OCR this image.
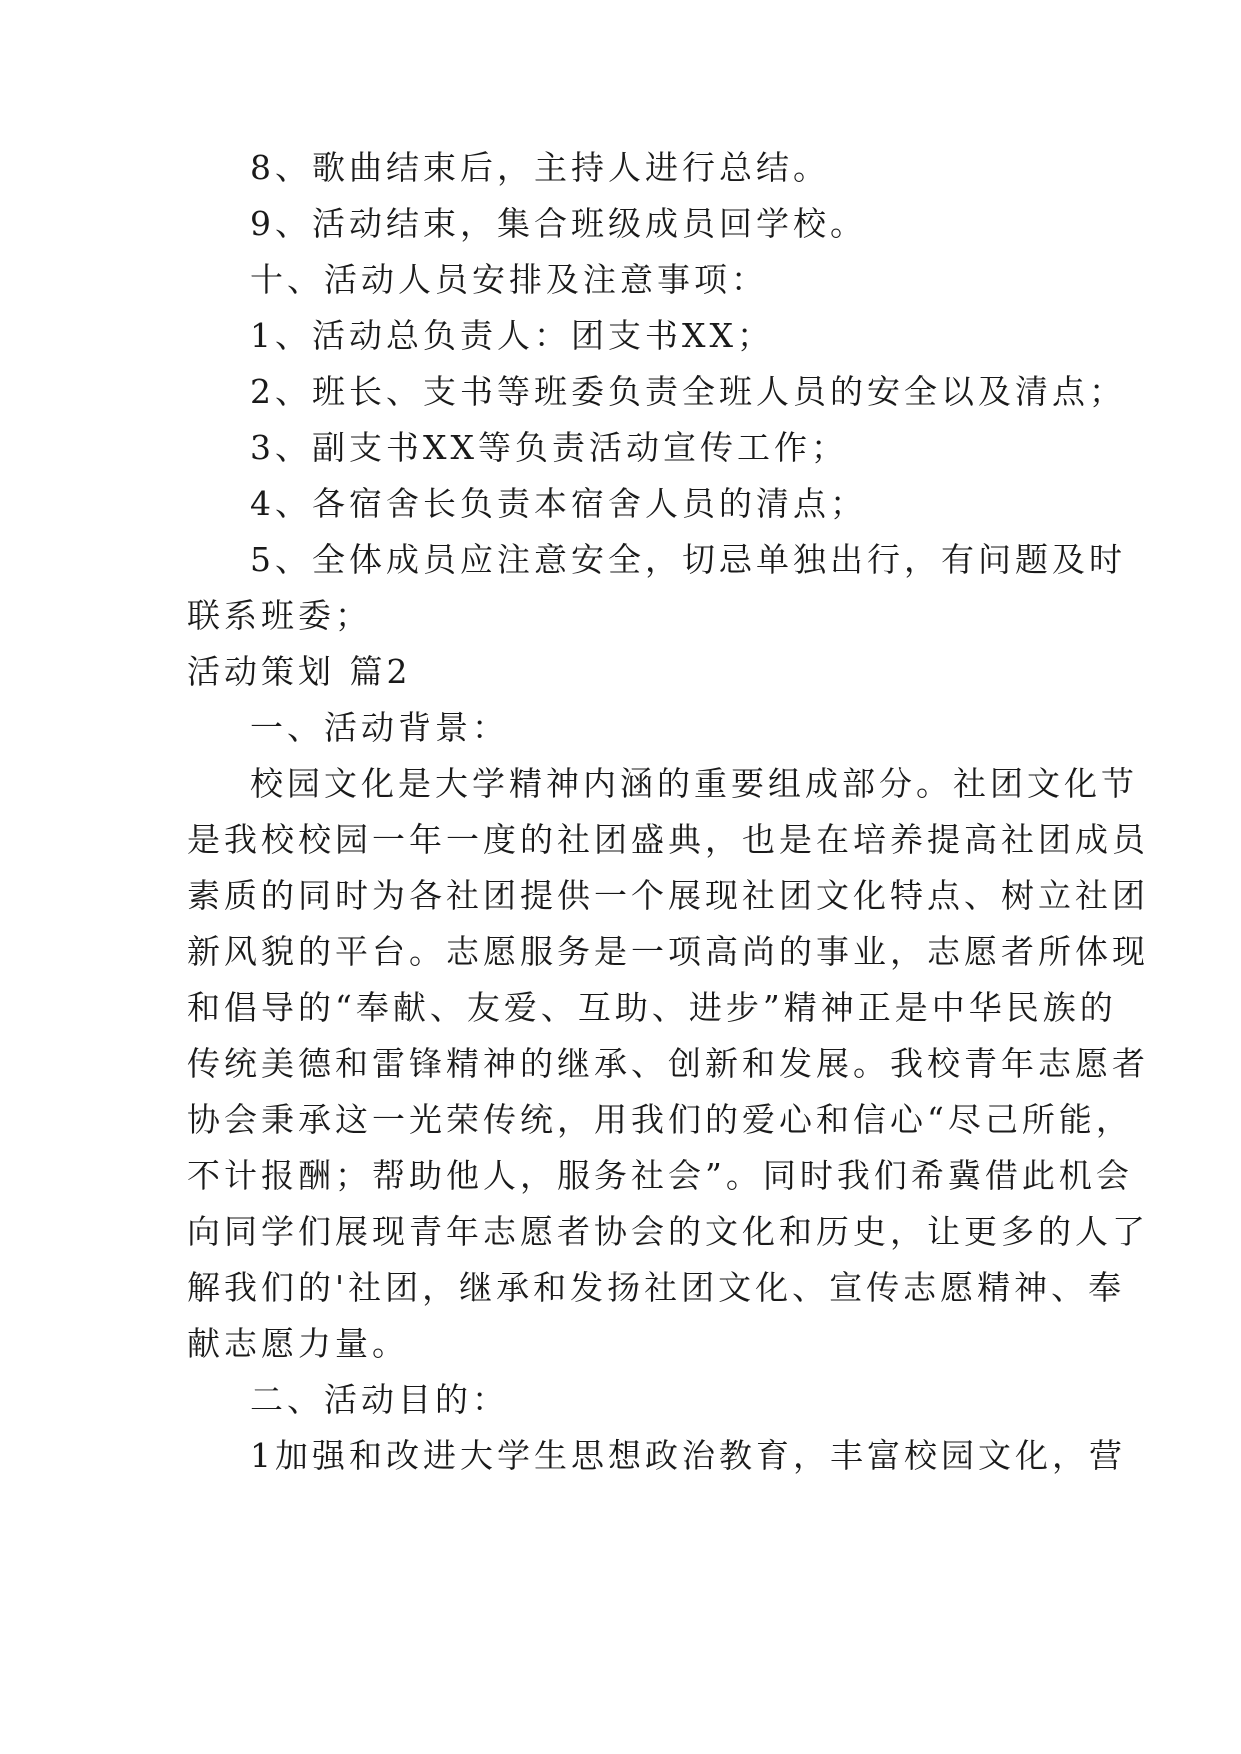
8、歌曲结束后，主持人进行总结。
9、活动结束，集合班级成员回学校。
十、活动人员安排及注意事项：
1、活动总负责人：团支书XX；
2、班长、支书等班委负责全班人员的安全以及清点；
3、副支书XX等负责活动宣传工作；
4、各宿舍长负责本宿舍人员的清点；
5、全体成员应注意安全，切忌单独出行，有问题及时
联系班委；
活动策划 篇2
一、活动背景：
校园文化是大学精神内涵的重要组成部分。社团文化节
是我校校园一年一度的社团盛典，也是在培养提高社团成员
素质的同时为各社团提供一个展现社团文化特点、树立社团
新风貌的平台。志愿服务是一项高尚的事业，志愿者所体现
和倡导的“奉献、友爱、互助、进步”精神正是中华民族的
传统美德和雷锋精神的继承、创新和发展。我校青年志愿者
协会秉承这一光荣传统，用我们的爱心和信心“尽己所能，
不计报酬；帮助他人，服务社会”。同时我们希冀借此机会
向同学们展现青年志愿者协会的文化和历史，让更多的人了
解我们的'社团，继承和发扬社团文化、宣传志愿精神、奉
献志愿力量。
二、活动目的：
1加强和改进大学生思想政治教育，丰富校园文化，营
